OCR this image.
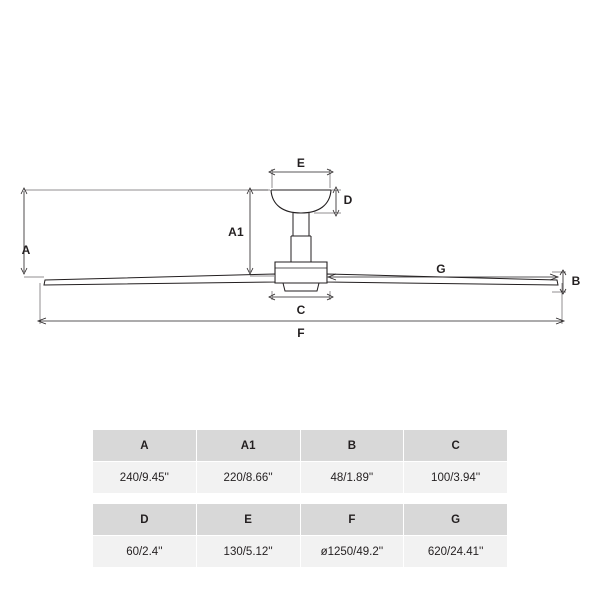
A
A1
B
C
D
E
F
G
A	A1	B	C
240/9.45''	220/8.66''	48/1.89''	100/3.94''

D	E	F	G
60/2.4''	130/5.12''	ø1250/49.2''	620/24.41''
